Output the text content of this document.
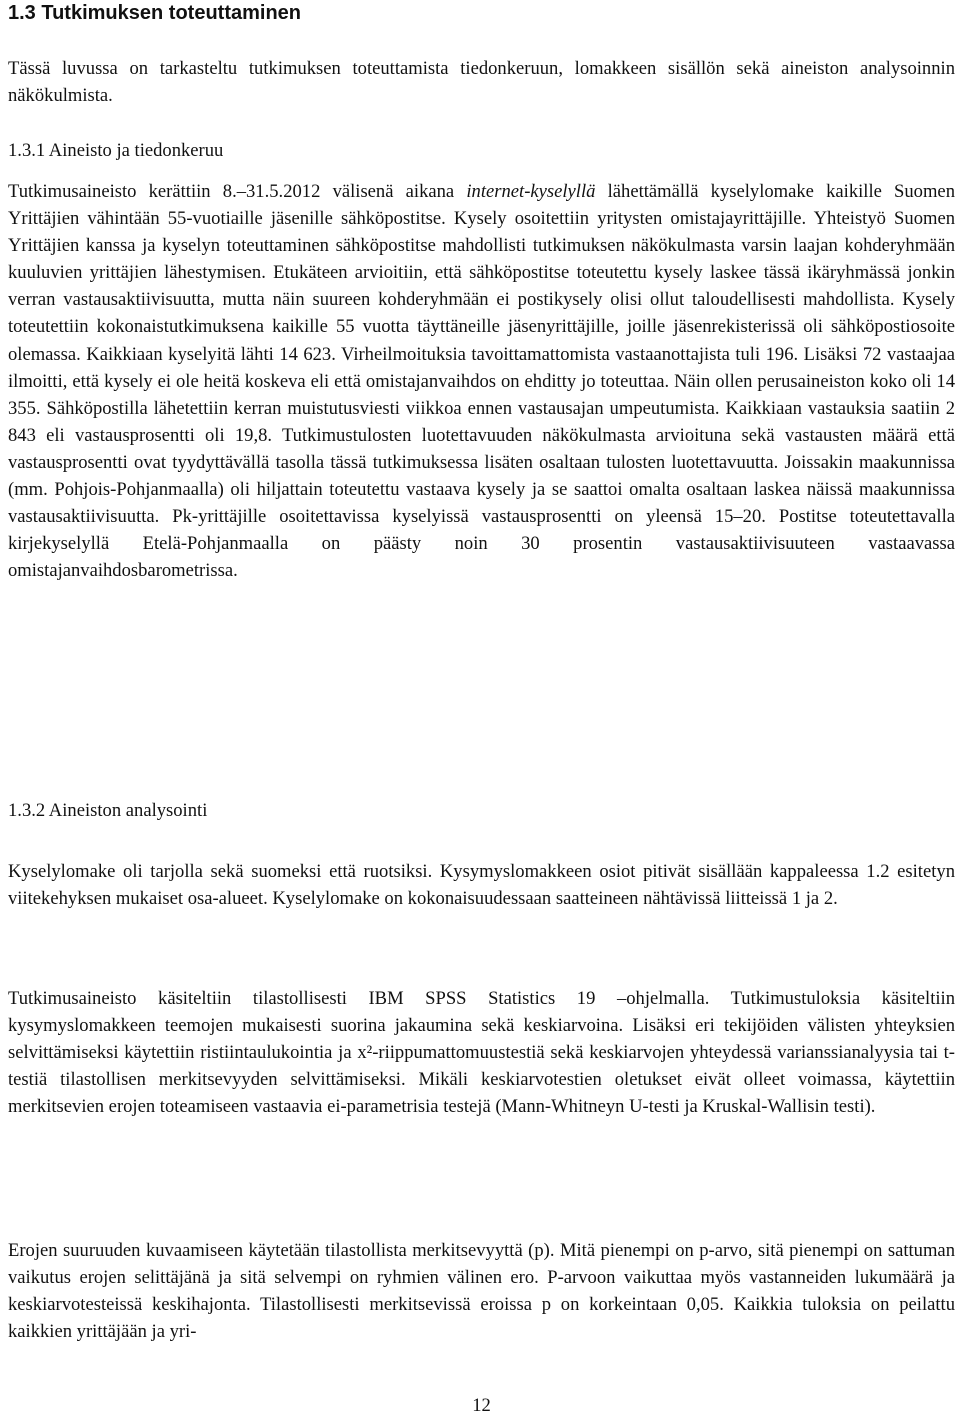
1.3 Tutkimuksen toteuttaminen

Tässä luvussa on tarkasteltu tutkimuksen toteuttamista tiedonkeruun, lomakkeen sisällön sekä aineiston analysoinnin näkökulmista.

1.3.1 Aineisto ja tiedonkeruu

Tutkimusaineisto kerättiin 8.–31.5.2012 välisenä aikana internet-kyselyllä lähettämällä kyselylomake kaikille Suomen Yrittäjien vähintään 55-vuotiaille jäsenille sähköpostitse. Kysely osoitettiin yritysten omistajayrittäjille. Yhteistyö Suomen Yrittäjien kanssa ja kyselyn toteuttaminen sähköpostitse mahdollisti tutkimuksen näkökulmasta varsin laajan kohderyhmään kuuluvien yrittäjien lähestymisen. Etukäteen arvioitiin, että sähköpostitse toteutettu kysely laskee tässä ikäryhmässä jonkin verran vastausaktiivisuutta, mutta näin suureen kohderyhmään ei postikysely olisi ollut taloudellisesti mahdollista. Kysely toteutettiin kokonaistutkimuksena kaikille 55 vuotta täyttäneille jäsenyrittäjille, joille jäsenrekisterissä oli sähköpostiosoite olemassa. Kaikkiaan kyselyitä lähti 14 623. Virheilmoituksia tavoittamattomista vastaanottajista tuli 196. Lisäksi 72 vastaajaa ilmoitti, että kysely ei ole heitä koskeva eli että omistajanvaihdos on ehditty jo toteuttaa. Näin ollen perusaineiston koko oli 14 355. Sähköpostilla lähetettiin kerran muistutusviesti viikkoa ennen vastausajan umpeutumista. Kaikkiaan vastauksia saatiin 2 843 eli vastausprosentti oli 19,8. Tutkimustulosten luotettavuuden näkökulmasta arvioituna sekä vastausten määrä että vastausprosentti ovat tyydyttävällä tasolla tässä tutkimuksessa lisäten osaltaan tulosten luotettavuutta. Joissakin maakunnissa (mm. Pohjois-Pohjanmaalla) oli hiljattain toteutettu vastaava kysely ja se saattoi omalta osaltaan laskea näissä maakunnissa vastausaktiivisuutta. Pk-yrittäjille osoitettavissa kyselyissä vastausprosentti on yleensä 15–20. Postitse toteutettavalla kirjekyselyllä Etelä-Pohjanmaalla on päästy noin 30 prosentin vastausaktiivisuuteen vastaavassa omistajanvaihdosbarometrissa.

1.3.2 Aineiston analysointi

Kyselylomake oli tarjolla sekä suomeksi että ruotsiksi. Kysymyslomakkeen osiot pitivät sisällään kappaleessa 1.2 esitetyn viitekehyksen mukaiset osa-alueet. Kyselylomake on kokonaisuudessaan saatteineen nähtävissä liitteissä 1 ja 2.

Tutkimusaineisto käsiteltiin tilastollisesti IBM SPSS Statistics 19 –ohjelmalla. Tutkimustuloksia käsiteltiin kysymyslomakkeen teemojen mukaisesti suorina jakaumina sekä keskiarvoina. Lisäksi eri tekijöiden välisten yhteyksien selvittämiseksi käytettiin ristiintaulukointia ja x²-riippumattomuustestiä sekä keskiarvojen yhteydessä varianssianalyysia tai t-testiä tilastollisen merkitsevyyden selvittämiseksi. Mikäli keskiarvotestien oletukset eivät olleet voimassa, käytettiin merkitsevien erojen toteamiseen vastaavia ei-parametrisia testejä (Mann-Whitneyn U-testi ja Kruskal-Wallisin testi).

Erojen suuruuden kuvaamiseen käytetään tilastollista merkitsevyyttä (p). Mitä pienempi on p-arvo, sitä pienempi on sattuman vaikutus erojen selittäjänä ja sitä selvempi on ryhmien välinen ero. P-arvoon vaikuttaa myös vastanneiden lukumäärä ja keskiarvotesteissä keskihajonta. Tilastollisesti merkitsevissä eroissa p on korkeintaan 0,05. Kaikkia tuloksia on peilattu kaikkien yrittäjään ja yri-

12
